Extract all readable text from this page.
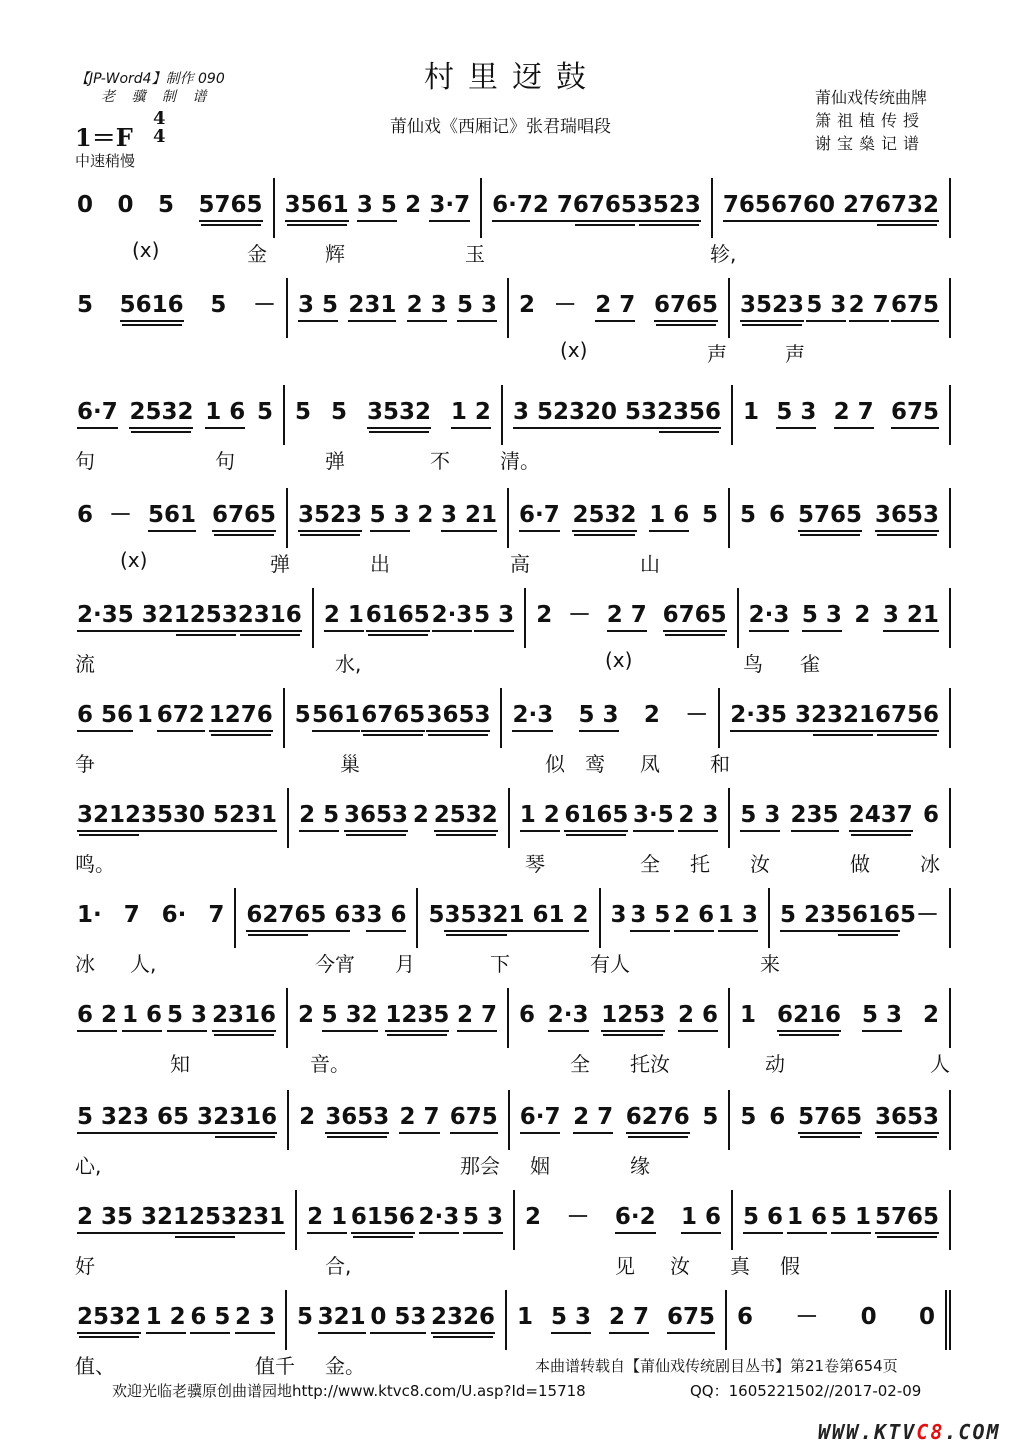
村里迓鼓
莆仙戏《西厢记》张君瑞唱段
【JP-Word4】制作 090
老 骥 制 谱	莆仙戏传统曲牌
箫祖植传授
谢宝燊记谱
1＝F
4
4
中速稍慢
0 0 5 5765 3561 3 5 2 3·7 6·7 2 7 6765 3523 765 676 0 27 6732
(x)	金	辉	玉	轸,
5 5616 5 － 3 5 231 2 3 5 3 2 － 2 7 6765 3523 5 3 2 7 675
(x)	声	声
6·7 2532 1 6 5 5 5 3532 1 2 3 5 232 0 53 2356 1 5 3 2 7 675
句	句	弹	不	清。
6 － 561 6765 3523 5 3 2 3 21 6·7 2532 1 6 5 5 6 5765 3653
(x)	弹	出	高	山
2·3 5 32 1253 2316 2 1 6165 2·3 5 3 2 － 2 7 6765 2·3 5 3 2 3 21
流	水,	(x)	鸟 雀
6 56 1 672 1276 5 561 6765 3653 2·3 5 3 2 － 2·3 5 3 2321 6756
争	巢	似 鸾 凤	和
3212 353 0 5 231 2 5 3653 2 2532 1 2 6165 3·5 2 3 5 3 235 2437 6
鸣。	琴	全 托 汝	做	冰
1· 7 6· 7 6276 5 6 3 3 6 5 3532 1 6 1 2 3 3 5 2 6 1 3 5 23 5616 5 －
冰 人,	今宵 月	下	有人	来
6 2 1 6 5 3 2316 2 5 32 1235 2 7 6 2·3 1253 2 6 1 6216 5 3 2
知	音。	全 托汝	动	人
5 32 3 6 5 3 2316 2 3653 2 7 675 6·7 2 7 6276 5 5 6 5765 3653
心,	那会 姻	缘
2 3 5 32 1253 231 2 1 6156 2·3 5 3 2 － 6·2 1 6 5 6 1 6 5 1 5765
好	合,	见 汝 真 假
2532 1 2 6 5 2 3 5 321 0 53 2326 1 5 3 2 7 675 6 － 0 0
值、	值千 金。	本曲谱转载自【莆仙戏传统剧目丛书】第21卷第654页
欢迎光临老骥原创曲谱园地http://www.ktvc8.com/U.asp?Id=15718	QQ：1605221502//2017-02-09
WWW.KTVC8.COM
